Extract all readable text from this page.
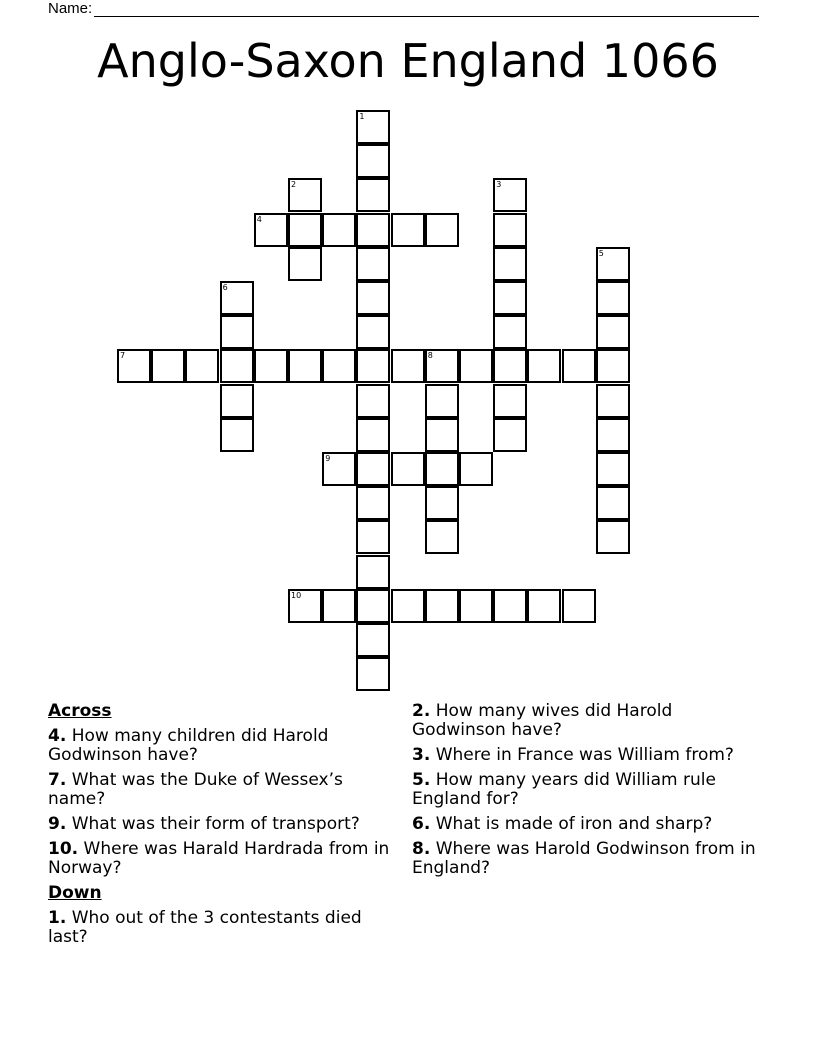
Name:
Anglo-Saxon England 1066
1
2	3
4
5
6
7	8
9
10
Across
4. How many children did Harold Godwinson have?
7. What was the Duke of Wessex’s name?
9. What was their form of transport?
10. Where was Harald Hardrada from in Norway?
Down
1. Who out of the 3 contestants died last?
2. How many wives did Harold Godwinson have?
3. Where in France was William from?
5. How many years did William rule England for?
6. What is made of iron and sharp?
8. Where was Harold Godwinson from in England?
